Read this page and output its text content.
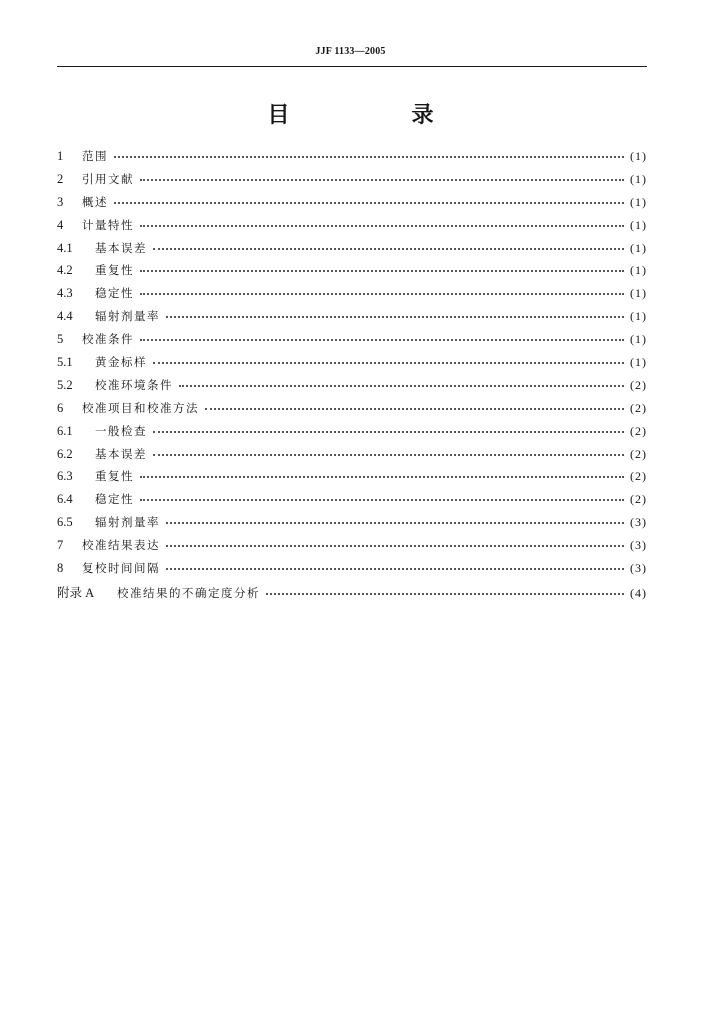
JJF 1133—2005
目　录
1	范围	(1)
2	引用文献	(1)
3	概述	(1)
4	计量特性	(1)
4.1	基本误差	(1)
4.2	重复性	(1)
4.3	稳定性	(1)
4.4	辐射剂量率	(1)
5	校准条件	(1)
5.1	黄金标样	(1)
5.2	校准环境条件	(2)
6	校准项目和校准方法	(2)
6.1	一般检查	(2)
6.2	基本误差	(2)
6.3	重复性	(2)
6.4	稳定性	(2)
6.5	辐射剂量率	(3)
7	校准结果表达	(3)
8	复校时间间隔	(3)
附录 A	校准结果的不确定度分析	(4)
